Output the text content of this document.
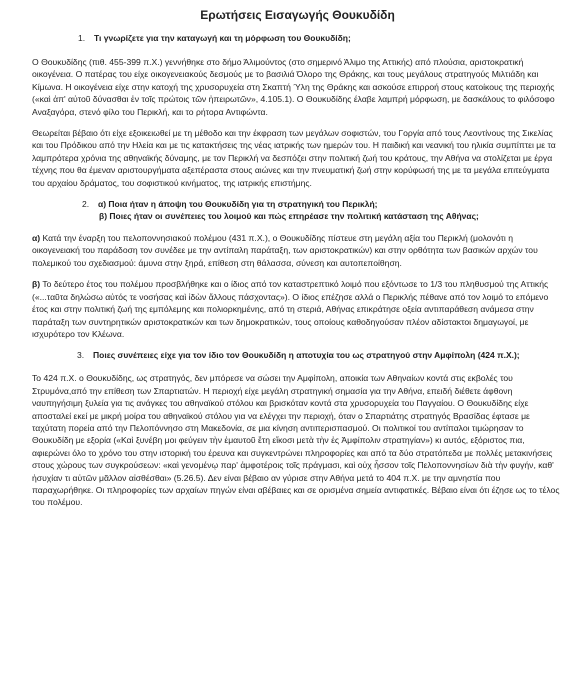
Ερωτήσεις Εισαγωγής Θουκυδίδη
1. Τι γνωρίζετε για την καταγωγή και τη μόρφωση του Θουκυδίδη;

Ο Θουκυδίδης (πιθ. 455-399 π.Χ.) γεννήθηκε στο δήμο Άλιμούντος (στο σημερινό Άλιμο της Αττικής) από πλούσια, αριστοκρατική οικογένεια. Ο πατέρας του είχε οικογενειακούς δεσμούς με το βασιλιά Όλορο της Θράκης, και τους μεγάλους στρατηγούς Μιλτιάδη και Κίμωνα. Η οικογένεια είχε στην κατοχή της χρυσορυχεία στη Σκαπτή Ύλη της Θράκης και ασκούσε επιρροή στους κατοίκους της περιοχής («καὶ ἀπ' αὐτοῦ δύνασθαι ἐν τοῖς πρώτοις τῶν ἠπειρωτῶν», 4.105.1). Ο Θουκυδίδης έλαβε λαμπρή μόρφωση, με δασκάλους το φιλόσοφο Αναξαγόρα, στενό φίλο του Περικλή, και το ρήτορα Αντιφώντα.

Θεωρείται βέβαιο ότι είχε εξοικειωθεί με τη μέθοδο και την έκφραση των μεγάλων σοφιστών, του Γοργία από τους Λεοντίνους της Σικελίας και του Πρόδικου από την Ηλεία και με τις κατακτήσεις της νέας ιατρικής των ημερών του. Η παιδική και νεανική του ηλικία συμπίπτει με τα λαμπρότερα χρόνια της αθηναϊκής δύναμης, με τον Περικλή να δεσπόζει στην πολιτική ζωή του κράτους, την Αθήνα να στολίζεται με έργα τέχνης που θα έμεναν αριστουργήματα αξεπέραστα στους αιώνες και την πνευματική ζωή στην κορύφωσή της με τα μεγάλα επιτεύγματα του αρχαίου δράματος, του σοφιστικού κινήματος, της ιατρικής επιστήμης.

2. α) Ποια ήταν η άποψη του Θουκυδίδη για τη στρατηγική του Περικλή;
β) Ποιες ήταν οι συνέπειες του λοιμού και πώς επηρέασε την πολιτική κατάσταση της Αθήνας;

α) Κατά την έναρξη του πελοποννησιακού πολέμου (431 π.Χ.), ο Θουκυδίδης πίστευε στη μεγάλη αξία του Περικλή (μολονότι η οικογενειακή του παράδοση τον συνέδεε με την αντίπαλη παράταξη, των αριστοκρατικών) και στην ορθότητα των βασικών αρχών του πολεμικού του σχεδιασμού: άμυνα στην ξηρά, επίθεση στη θάλασσα, σύνεση και αυτοπεποίθηση.

β) Το δεύτερο έτος του πολέμου προσβλήθηκε και ο ίδιος από τον καταστρεπτικό λοιμό που εξόντωσε το 1/3 του πληθυσμού της Αττικής («...ταῦτα δηλώσω αὐτός τε νοσήσας καὶ ἰδὼν ἄλλους πάσχοντας»). Ο ίδιος επέζησε αλλά ο Περικλής πέθανε από τον λοιμό το επόμενο έτος και στην πολιτική ζωή της εμπόλεμης και πολιορκημένης, από τη στεριά, Αθήνας επικράτησε οξεία αντιπαράθεση ανάμεσα στην παράταξη των συντηρητικών αριστοκρατικών και των δημοκρατικών, τους οποίους καθοδηγούσαν πλέον αδίστακτοι δημαγωγοί, με ισχυρότερο τον Κλέωνα.

3. Ποιες συνέπειες είχε για τον ίδιο τον Θουκυδίδη η αποτυχία του ως στρατηγού στην Αμφίπολη (424 π.Χ.);

Το 424 π.Χ. ο Θουκυδίδης, ως στρατηγός, δεν μπόρεσε να σώσει την Αμφίπολη, αποικία των Αθηναίων κοντά στις εκβολές του Στρυμόνα,από την επίθεση των Σπαρτιατών. Η περιοχή είχε μεγάλη στρατηγική σημασία για την Αθήνα, επειδή διέθετε άφθονη ναυπηγήσιμη ξυλεία για τις ανάγκες του αθηναϊκού στόλου και βρισκόταν κοντά στα χρυσορυχεία του Παγγαίου. Ο Θουκυδίδης είχε αποσταλεί εκεί με μικρή μοίρα του αθηναϊκού στόλου για να ελέγχει την περιοχή, όταν ο Σπαρτιάτης στρατηγός Βρασίδας έφτασε με ταχύτατη πορεία από την Πελοπόννησο στη Μακεδονία, σε μια κίνηση αντιπερισπασμού. Οι πολιτικοί του αντίπαλοι τιμώρησαν το Θουκυδίδη με εξορία («Καὶ ξυνέβη μοι φεύγειν τὴν ἐμαυτοῦ ἔτη εἴκοσι μετὰ τὴν ἐς Ἀμφίπολιν στρατηγίαν») κι αυτός, εξόριστος πια, αφιερώνει όλο το χρόνο του στην ιστορική του έρευνα και συγκεντρώνει πληροφορίες και από τα δύο στρατόπεδα με πολλές μετακινήσεις στους χώρους των συγκρούσεων: «καὶ γενομένῳ παρ' ἀμφοτέροις τοῖς πράγμασι, καὶ οὐχ ἧσσον τοῖς Πελοποννησίων διὰ τὴν φυγήν, καθ' ἡσυχίαν τι αὐτῶν μᾶλλον αἰσθέσθαι» (5.26.5). Δεν είναι βέβαιο αν γύρισε στην Αθήνα μετά το 404 π.Χ. με την αμνηστία που παραχωρήθηκε. Οι πληροφορίες των αρχαίων πηγών είναι αβέβαιες και σε ορισμένα σημεία αντιφατικές. Βέβαιο είναι ότι έζησε ως το τέλος του πολέμου.
